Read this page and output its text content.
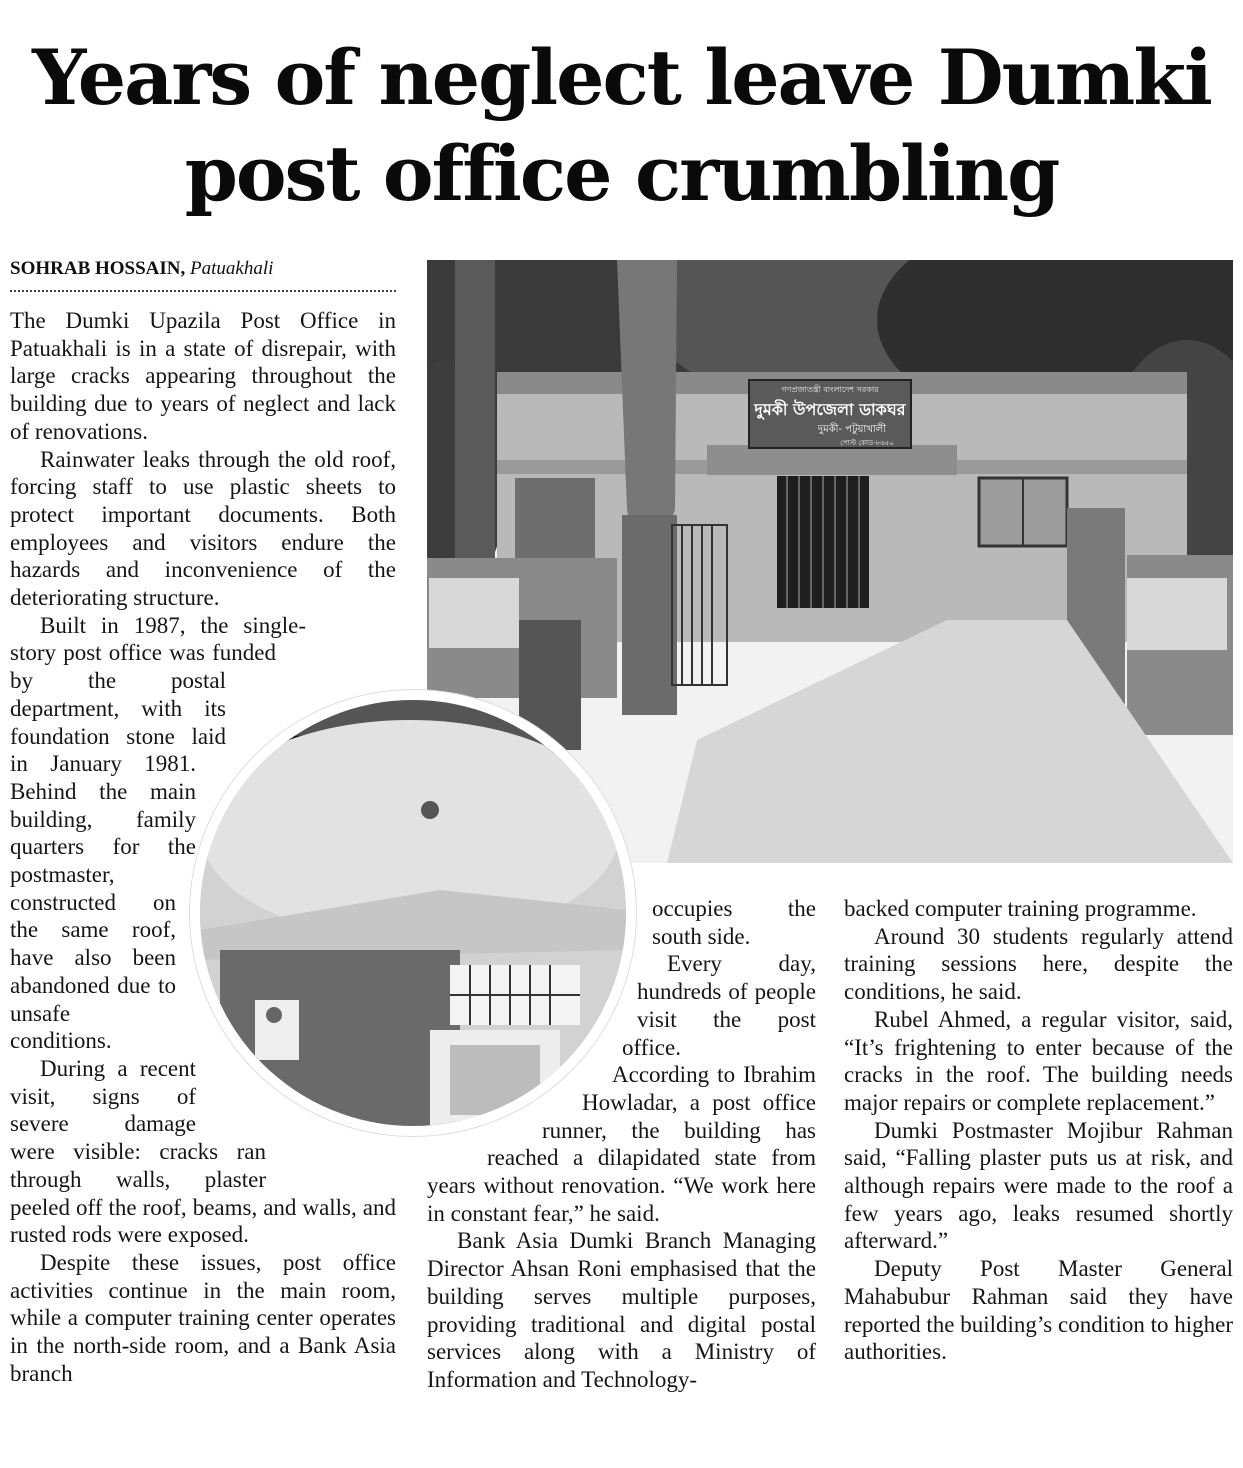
Years of neglect leave Dumki post office crumbling
SOHRAB HOSSAIN, Patuakhali
গণপ্রজাতন্ত্রী বাংলাদেশ সরকার
দুমকী উপজেলা ডাকঘর
দুমকী- পটুয়াখালী
পোস্ট কোড-৮৬৫০

The Dumki Upazila Post Office in Patuakhali is in a state of disrepair, with large cracks appearing throughout the building due to years of neglect and lack of renovations.

Rainwater leaks through the old roof, forcing staff to use plastic sheets to protect important documents. Both employees and visitors endure the hazards and inconvenience of the deteriorating structure.

Built in 1987, the single-story post office was funded by the postal department, with its foundation stone laid in January 1981. Behind the main building, family quarters for the postmaster, constructed on the same roof, have also been abandoned due to unsafe conditions.

During a recent visit, signs of severe damage were visible: cracks ran through walls, plaster peeled off the roof, beams, and walls, and rusted rods were exposed.

Despite these issues, post office activities continue in the main room, while a computer training center operates in the north-side room, and a Bank Asia branch

occupies the south side.

Every day, hundreds of people visit the post office.

According to Ibrahim Howladar, a post office runner, the building has reached a dilapidated state from years without renovation. “We work here in constant fear,” he said.

Bank Asia Dumki Branch Managing Director Ahsan Roni emphasised that the building serves multiple purposes, providing traditional and digital postal services along with a Ministry of Information and Technology-

backed computer training programme.

Around 30 students regularly attend training sessions here, despite the conditions, he said.

Rubel Ahmed, a regular visitor, said, “It’s frightening to enter because of the cracks in the roof. The building needs major repairs or complete replacement.”

Dumki Postmaster Mojibur Rahman said, “Falling plaster puts us at risk, and although repairs were made to the roof a few years ago, leaks resumed shortly afterward.”

Deputy Post Master General Mahabubur Rahman said they have reported the building’s condition to higher authorities.
